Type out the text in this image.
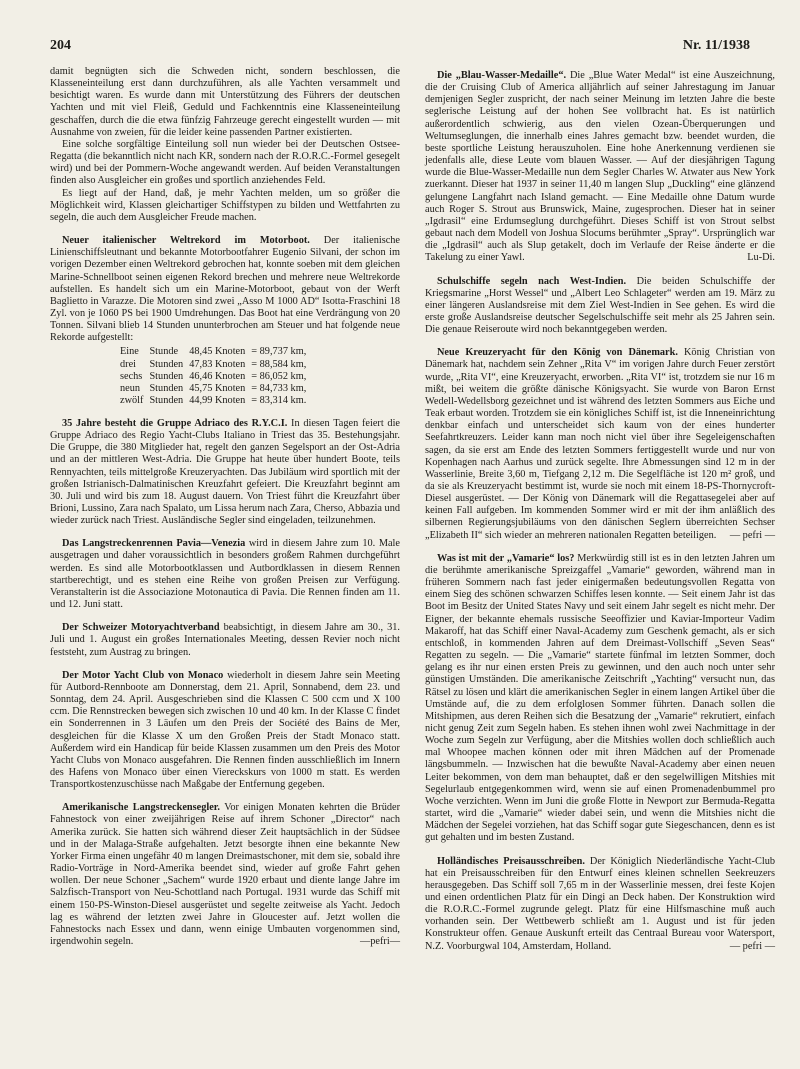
204	Nr. 11/1938

damit begnügten sich die Schweden nicht, sondern beschlossen, die Klasseneinteilung erst dann durchzuführen, als alle Yachten versammelt und besichtigt waren. Es wurde dann mit Unterstützung des Führers der deutschen Yachten und mit viel Fleiß, Geduld und Fachkenntnis eine Klasseneinteilung geschaffen, durch die die etwa fünfzig Fahrzeuge gerecht eingestellt wurden — mit Ausnahme von zweien, für die leider keine passenden Partner existierten.

Eine solche sorgfältige Einteilung soll nun wieder bei der Deutschen Ostsee-Regatta (die bekanntlich nicht nach KR, sondern nach der R.O.R.C.-Formel gesegelt wird) und bei der Pommern-Woche angewandt werden. Auf beiden Veranstaltungen finden also Ausgleicher ein großes und sportlich anziehendes Feld.

Es liegt auf der Hand, daß, je mehr Yachten melden, um so größer die Möglichkeit wird, Klassen gleichartiger Schiffstypen zu bilden und Wettfahrten zu segeln, die auch dem Ausgleicher Freude machen.

Neuer italienischer Weltrekord im Motorboot. Der italienische Linienschiffsleutnant und bekannte Motorbootfahrer Eugenio Silvani, der schon im vorigen Dezember einen Weltrekord gebrochen hat, konnte soeben mit dem gleichen Marine-Schnellboot seinen eigenen Rekord brechen und mehrere neue Weltrekorde aufstellen. Es handelt sich um ein Marine-Motorboot, gebaut von der Werft Baglietto in Varazze. Die Motoren sind zwei „Asso M 1000 AD“ Isotta-Fraschini 18 Zyl. von je 1060 PS bei 1900 Umdrehungen. Das Boot hat eine Verdrängung von 20 Tonnen. Silvani blieb 14 Stunden ununterbrochen am Steuer und hat folgende neue Rekorde aufgestellt:

Eine	Stunde	48,45 Knoten	= 89,737 km,
drei	Stunden	47,83 Knoten	= 88,584 km,
sechs	Stunden	46,46 Knoten	= 86,052 km,
neun	Stunden	45,75 Knoten	= 84,733 km,
zwölf	Stunden	44,99 Knoten	= 83,314 km.

35 Jahre besteht die Gruppe Adriaco des R.Y.C.I. In diesen Tagen feiert die Gruppe Adriaco des Regio Yacht-Clubs Italiano in Triest das 35. Bestehungsjahr. Die Gruppe, die 380 Mitglieder hat, regelt den ganzen Segelsport an der Ost-Adria und an der mittleren West-Adria. Die Gruppe hat heute über hundert Boote, teils Rennyachten, teils mittelgroße Kreuzeryachten. Das Jubiläum wird sportlich mit der großen Istrianisch-Dalmatinischen Kreuzfahrt gefeiert. Die Kreuzfahrt beginnt am 30. Juli und wird bis zum 18. August dauern. Von Triest führt die Kreuzfahrt über Brioni, Lussino, Zara nach Spalato, um Lissa herum nach Zara, Cherso, Abbazia und wieder zurück nach Triest. Ausländische Segler sind eingeladen, teilzunehmen.

Das Langstreckenrennen Pavia—Venezia wird in diesem Jahre zum 10. Male ausgetragen und daher voraussichtlich in besonders großem Rahmen durchgeführt werden. Es sind alle Motorbootklassen und Autbordklassen in diesem Rennen startberechtigt, und es stehen eine Reihe von großen Preisen zur Verfügung. Veranstalterin ist die Associazione Motonautica di Pavia. Die Rennen finden am 11. und 12. Juni statt.

Der Schweizer Motoryachtverband beabsichtigt, in diesem Jahre am 30., 31. Juli und 1. August ein großes Internationales Meeting, dessen Revier noch nicht feststeht, zum Austrag zu bringen.

Der Motor Yacht Club von Monaco wiederholt in diesem Jahre sein Meeting für Autbord-Rennboote am Donnerstag, dem 21. April, Sonnabend, dem 23. und Sonntag, dem 24. April. Ausgeschrieben sind die Klassen C 500 ccm und X 100 ccm. Die Rennstrecken bewegen sich zwischen 10 und 40 km. In der Klasse C findet ein Sonderrennen in 3 Läufen um den Preis der Société des Bains de Mer, desgleichen für die Klasse X um den Großen Preis der Stadt Monaco statt. Außerdem wird ein Handicap für beide Klassen zusammen um den Preis des Motor Yacht Clubs von Monaco ausgefahren. Die Rennen finden ausschließlich im Innern des Hafens von Monaco über einen Viereckskurs von 1000 m statt. Es werden Transportkostenzuschüsse nach Maßgabe der Entfernung gegeben.

Amerikanische Langstreckensegler. Vor einigen Monaten kehrten die Brüder Fahnestock von einer zweijährigen Reise auf ihrem Schoner „Director“ nach Amerika zurück. Sie hatten sich während dieser Zeit hauptsächlich in der Südsee und in der Malaga-Straße aufgehalten. Jetzt besorgte ihnen eine bekannte New Yorker Firma einen ungefähr 40 m langen Dreimastschoner, mit dem sie, sobald ihre Radio-Vorträge in Nord-Amerika beendet sind, wieder auf große Fahrt gehen wollen. Der neue Schoner „Sachem“ wurde 1920 erbaut und diente lange Jahre im Salzfisch-Transport von Neu-Schottland nach Portugal. 1931 wurde das Schiff mit einem 150-PS-Winston-Diesel ausgerüstet und segelte zeitweise als Yacht. Jedoch lag es während der letzten zwei Jahre in Gloucester auf. Jetzt wollen die Fahnestocks nach Essex und dann, wenn einige Umbauten vorgenommen sind, irgendwohin segeln.	—pefri—

Die „Blau-Wasser-Medaille“. Die „Blue Water Medal“ ist eine Auszeichnung, die der Cruising Club of America alljährlich auf seiner Jahrestagung im Januar demjenigen Segler zuspricht, der nach seiner Meinung im letzten Jahre die beste seglerische Leistung auf der hohen See vollbracht hat. Es ist natürlich außerordentlich schwierig, aus den vielen Ozean-Überquerungen und Weltumseglungen, die innerhalb eines Jahres gemacht bzw. beendet wurden, die beste sportliche Leistung herauszuholen. Eine hohe Anerkennung verdienen sie jedenfalls alle, diese Leute vom blauen Wasser. — Auf der diesjährigen Tagung wurde die Blue-Wasser-Medaille nun dem Segler Charles W. Atwater aus New York zuerkannt. Dieser hat 1937 in seiner 11,40 m langen Slup „Duckling“ eine glänzend gelungene Langfahrt nach Island gemacht. — Eine Medaille ohne Datum wurde auch Roger S. Strout aus Brunswick, Maine, zugesprochen. Dieser hat in seiner „Igdrasil“ eine Erdumseglung durchgeführt. Dieses Schiff ist von Strout selbst gebaut nach dem Modell von Joshua Slocums berühmter „Spray“. Ursprünglich war die „Igdrasil“ auch als Slup getakelt, doch im Verlaufe der Reise änderte er die Takelung zu einer Yawl.	Lu-Di.

Schulschiffe segeln nach West-Indien. Die beiden Schulschiffe der Kriegsmarine „Horst Wessel“ und „Albert Leo Schlageter“ werden am 19. März zu einer längeren Auslandsreise mit dem Ziel West-Indien in See gehen. Es wird die erste große Auslandsreise deutscher Segelschulschiffe seit mehr als 25 Jahren sein. Die genaue Reiseroute wird noch bekanntgegeben werden.

Neue Kreuzeryacht für den König von Dänemark. König Christian von Dänemark hat, nachdem sein Zehner „Rita V“ im vorigen Jahre durch Feuer zerstört wurde, „Rita VI“, eine Kreuzeryacht, erworben. „Rita VI“ ist, trotzdem sie nur 16 m mißt, bei weitem die größte dänische Königsyacht. Sie wurde von Baron Ernst Wedell-Wedellsborg gezeichnet und ist während des letzten Sommers aus Eiche und Teak erbaut worden. Trotzdem sie ein königliches Schiff ist, ist die Inneneinrichtung denkbar einfach und unterscheidet sich kaum von der eines hunderter Seefahrtkreuzers. Leider kann man noch nicht viel über ihre Segeleigenschaften sagen, da sie erst am Ende des letzten Sommers fertiggestellt wurde und nur von Kopenhagen nach Aarhus und zurück segelte. Ihre Abmessungen sind 12 m in der Wasserlinie, Breite 3,60 m, Tiefgang 2,12 m. Die Segelfläche ist 120 m² groß, und da sie als Kreuzeryacht bestimmt ist, wurde sie noch mit einem 18-PS-Thornycroft-Diesel ausgerüstet. — Der König von Dänemark will die Regattasegelei aber auf keinen Fall aufgeben. Im kommenden Sommer wird er mit der ihm anläßlich des silbernen Regierungsjubiläums von den dänischen Seglern überreichten Sechser „Elizabeth II“ sich wieder an mehreren nationalen Regatten beteiligen.	— pefri —

Was ist mit der „Vamarie“ los? Merkwürdig still ist es in den letzten Jahren um die berühmte amerikanische Spreizgaffel „Vamarie“ geworden, während man in früheren Sommern nach fast jeder einigermaßen bedeutungsvollen Regatta von einem Sieg des schönen schwarzen Schiffes lesen konnte. — Seit einem Jahr ist das Boot im Besitz der United States Navy und seit einem Jahr segelt es nicht mehr. Der Eigner, der bekannte ehemals russische Seeoffizier und Kaviar-Importeur Vadim Makaroff, hat das Schiff einer Naval-Academy zum Geschenk gemacht, als er sich entschloß, in kommenden Jahren auf dem Dreimast-Vollschiff „Seven Seas“ Regatten zu segeln. — Die „Vamarie“ startete fünfmal im letzten Sommer, doch gelang es ihr nur einen ersten Preis zu gewinnen, und den auch noch unter sehr günstigen Umständen. Die amerikanische Zeitschrift „Yachting“ versucht nun, das Rätsel zu lösen und klärt die amerikanischen Segler in einem langen Artikel über die Umstände auf, die zu dem erfolglosen Sommer führten. Danach sollen die Mitshipmen, aus deren Reihen sich die Besatzung der „Vamarie“ rekrutiert, einfach nicht genug Zeit zum Segeln haben. Es stehen ihnen wohl zwei Nachmittage in der Woche zum Segeln zur Verfügung, aber die Mitshies wollen doch schließlich auch mal Whoopee machen können oder mit ihren Mädchen auf der Promenade längsbummeln. — Inzwischen hat die bewußte Naval-Academy aber einen neuen Leiter bekommen, von dem man behauptet, daß er den segelwilligen Mitshies mit Segelurlaub entgegenkommen wird, wenn sie auf einen Promenadenbummel pro Woche verzichten. Wenn im Juni die große Flotte in Newport zur Bermuda-Regatta startet, wird die „Vamarie“ wieder dabei sein, und wenn die Mitshies nicht die Mädchen der Segelei vorziehen, hat das Schiff sogar gute Siegeschancen, denn es ist gut gehalten und im besten Zustand.

Holländisches Preisausschreiben. Der Königlich Niederländische Yacht-Club hat ein Preisausschreiben für den Entwurf eines kleinen schnellen Seekreuzers herausgegeben. Das Schiff soll 7,65 m in der Wasserlinie messen, drei feste Kojen und einen ordentlichen Platz für ein Dingi an Deck haben. Der Konstruktion wird die R.O.R.C.-Formel zugrunde gelegt. Platz für eine Hilfsmaschine muß auch vorhanden sein. Der Wettbewerb schließt am 1. August und ist für jeden Konstrukteur offen. Genaue Auskunft erteilt das Centraal Bureau voor Watersport, N.Z. Voorburgwal 104, Amsterdam, Holland.	— pefri —
